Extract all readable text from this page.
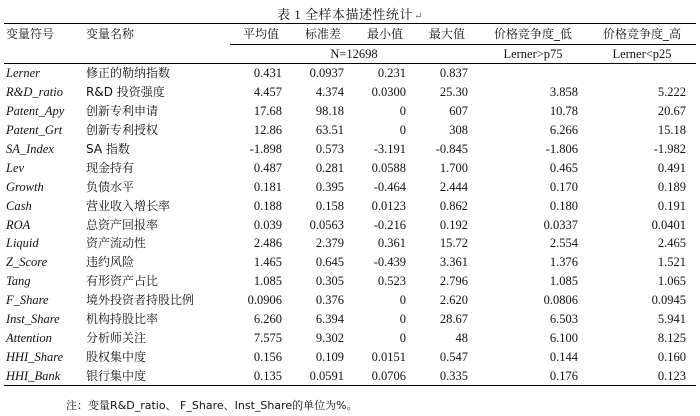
表 1 全样本描述性统计↵
变量符号	变量名称	平均值	标准差	最小值	最大值	价格竞争度_低	价格竞争度_高
		N=12698				Lerner>p75	Lerner<p25
Lerner	修正的勒纳指数	0.431	0.0937	0.231	0.837		
R&D_ratio	R&D 投资强度	4.457	4.374	0.0300	25.30	3.858	5.222
Patent_Apy	创新专利申请	17.68	98.18	0	607	10.78	20.67
Patent_Grt	创新专利授权	12.86	63.51	0	308	6.266	15.18
SA_Index	SA 指数	-1.898	0.573	-3.191	-0.845	-1.806	-1.982
Lev	现金持有	0.487	0.281	0.0588	1.700	0.465	0.491
Growth	负债水平	0.181	0.395	-0.464	2.444	0.170	0.189
Cash	营业收入增长率	0.188	0.158	0.0123	0.862	0.180	0.191
ROA	总资产回报率	0.039	0.0563	-0.216	0.192	0.0337	0.0401
Liquid	资产流动性	2.486	2.379	0.361	15.72	2.554	2.465
Z_Score	违约风险	1.465	0.645	-0.439	3.361	1.376	1.521
Tang	有形资产占比	1.085	0.305	0.523	2.796	1.085	1.065
F_Share	境外投资者持股比例	0.0906	0.376	0	2.620	0.0806	0.0945
Inst_Share	机构持股比率	6.260	6.394	0	28.67	6.503	5.941
Attention	分析师关注	7.575	9.302	0	48	6.100	8.125
HHI_Share	股权集中度	0.156	0.109	0.0151	0.547	0.144	0.160
HHI_Bank	银行集中度	0.135	0.0591	0.0706	0.335	0.176	0.123
注：变量R&D_ratio、 F_Share、Inst_Share的单位为%。
